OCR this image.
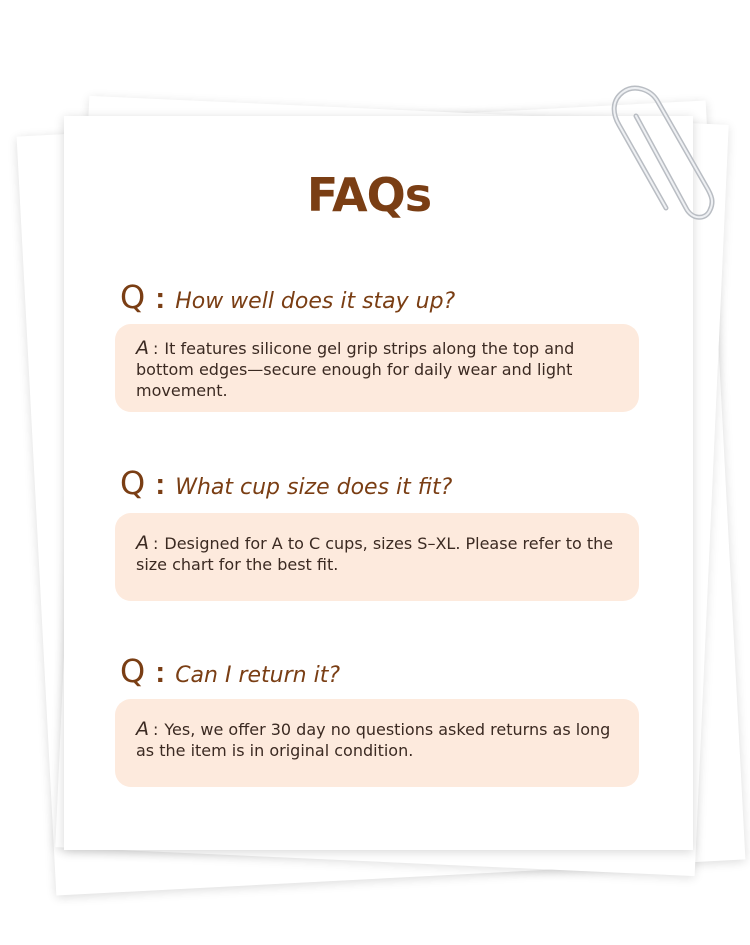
FAQs
Q : How well does it stay up?
A : It features silicone gel grip strips along the top and bottom edges—secure enough for daily wear and light movement.
Q : What cup size does it fit?
A : Designed for A to C cups, sizes S–XL. Please refer to the size chart for the best fit.
Q : Can I return it?
A : Yes, we offer 30 day no questions asked returns as long as the item is in original condition.
